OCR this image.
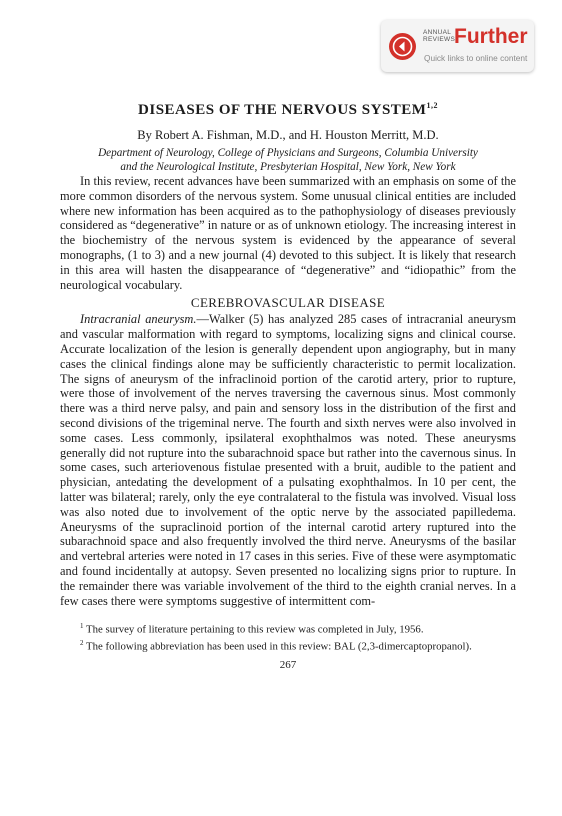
ANNUAL
REVIEWS
Further
Quick links to online content
DISEASES OF THE NERVOUS SYSTEM$^{1,2}$
By Robert A. Fishman, M.D., and H. Houston Merritt, M.D.
Department of Neurology, College of Physicians and Surgeons, Columbia University
and the Neurological Institute, Presbyterian Hospital, New York, New York

In this review, recent advances have been summarized with an emphasis on some of the more common disorders of the nervous system. Some unusual clinical entities are included where new information has been acquired as to the pathophysiology of diseases previously considered as “degenerative” in nature or as of unknown etiology. The increasing interest in the biochemistry of the nervous system is evidenced by the appearance of several monographs, (1 to 3) and a new journal (4) devoted to this subject. It is likely that research in this area will hasten the disappearance of “degenerative” and “idiopathic” from the neurological vocabulary.

CEREBROVASCULAR DISEASE

Intracranial aneurysm.—Walker (5) has analyzed 285 cases of intracranial aneurysm and vascular malformation with regard to symptoms, localizing signs and clinical course. Accurate localization of the lesion is generally dependent upon angiography, but in many cases the clinical findings alone may be sufficiently characteristic to permit localization. The signs of aneurysm of the infraclinoid portion of the carotid artery, prior to rupture, were those of involvement of the nerves traversing the cavernous sinus. Most commonly there was a third nerve palsy, and pain and sensory loss in the distribution of the first and second divisions of the trigeminal nerve. The fourth and sixth nerves were also involved in some cases. Less commonly, ipsilateral exophthalmos was noted. These aneurysms generally did not rupture into the subarachnoid space but rather into the cavernous sinus. In some cases, such arteriovenous fistulae presented with a bruit, audible to the patient and physician, antedating the development of a pulsating exophthalmos. In 10 per cent, the latter was bilateral; rarely, only the eye contralateral to the fistula was involved. Visual loss was also noted due to involvement of the optic nerve by the associated papilledema. Aneurysms of the supraclinoid portion of the internal carotid artery ruptured into the subarachnoid space and also frequently involved the third nerve. Aneurysms of the basilar and vertebral arteries were noted in 17 cases in this series. Five of these were asymptomatic and found incidentally at autopsy. Seven presented no localizing signs prior to rupture. In the remainder there was variable involvement of the third to the eighth cranial nerves. In a few cases there were symptoms suggestive of intermittent com-

$^1$ The survey of literature pertaining to this review was completed in July, 1956.

$^2$ The following abbreviation has been used in this review: BAL (2,3-dimercaptopropanol).

267
